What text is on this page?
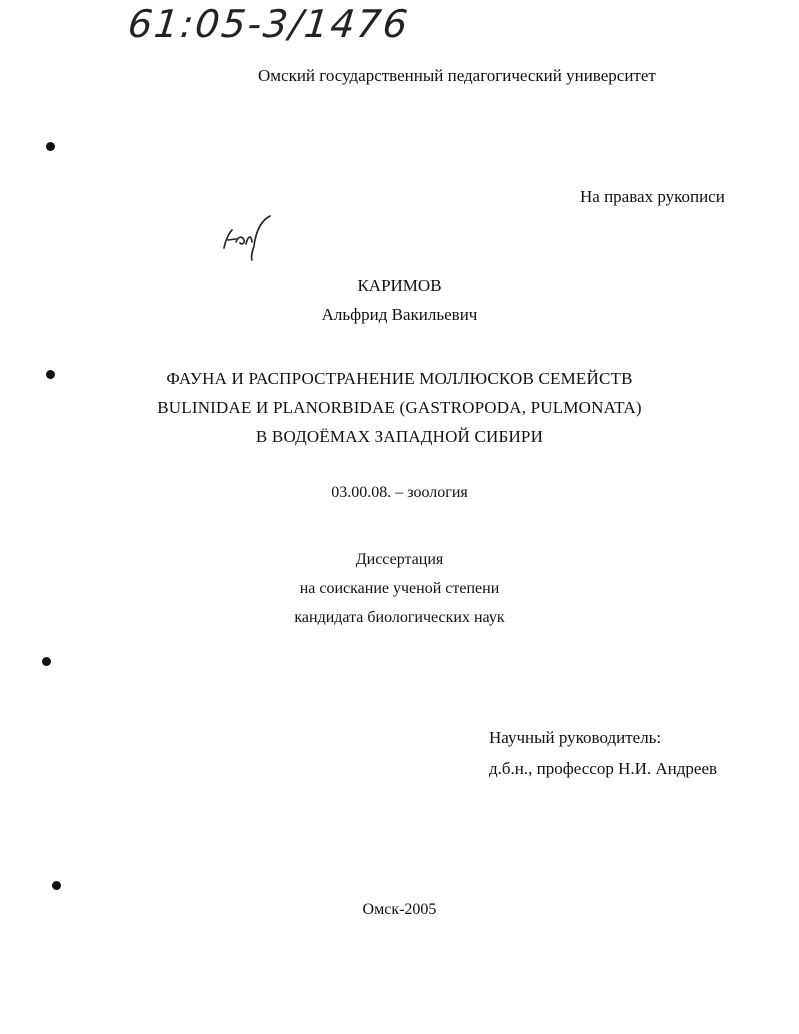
61:05-3/1476
Омский государственный педагогический университет
На правах рукописи
КАРИМОВ
Альфрид Вакильевич
ФАУНА И РАСПРОСТРАНЕНИЕ МОЛЛЮСКОВ СЕМЕЙСТВ
BULINIDAE И PLANORBIDAE (GASTROPODA, PULMONATA)
В ВОДОЁМАХ ЗАПАДНОЙ СИБИРИ
03.00.08. – зоология
Диссертация
на соискание ученой степени
кандидата биологических наук
Научный руководитель:
д.б.н., профессор Н.И. Андреев
Омск-2005
